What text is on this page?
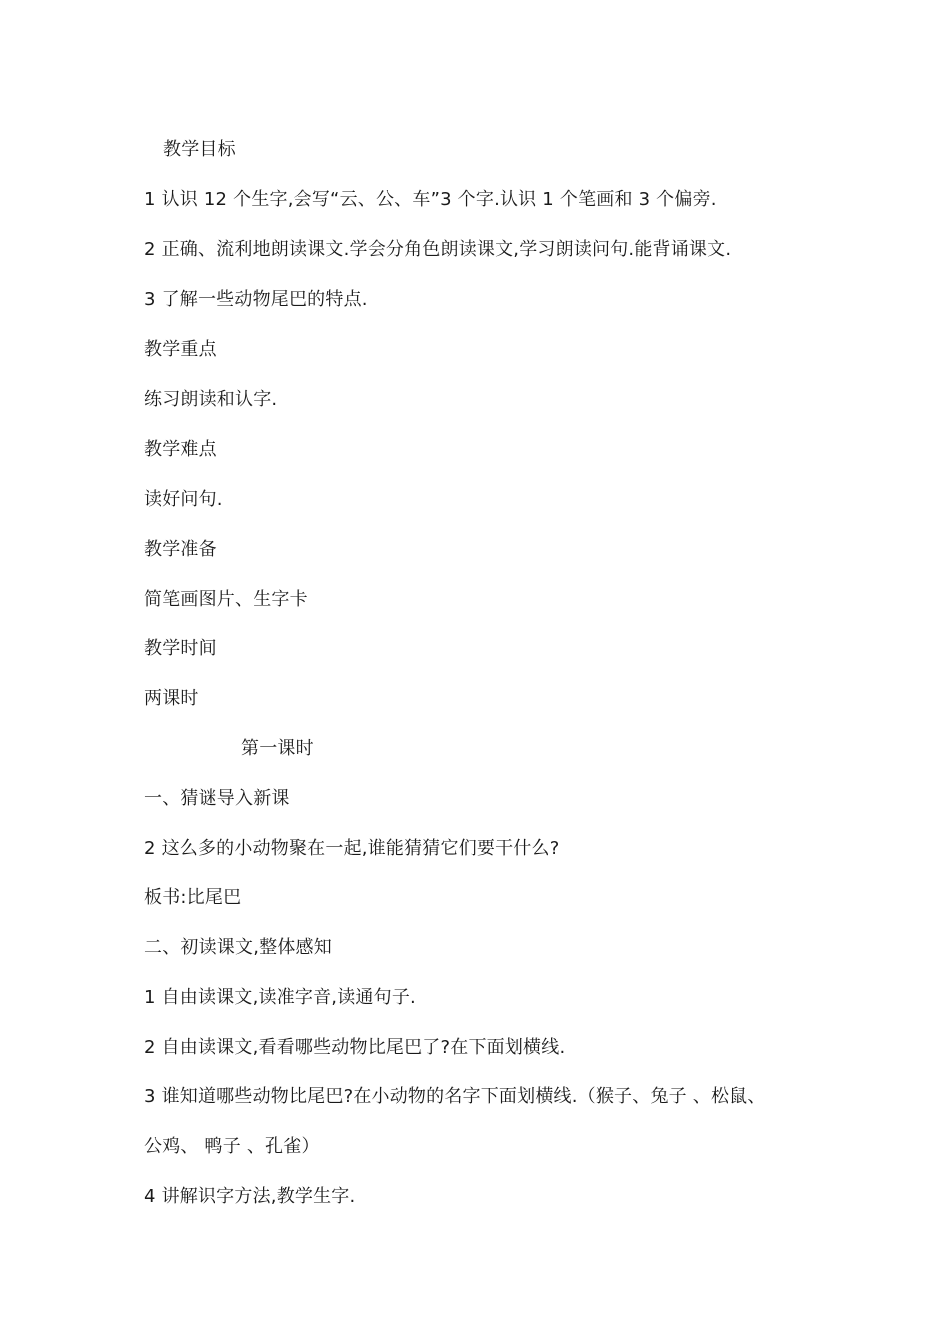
教学目标
1 认识 12 个生字,会写“云、公、车”3 个字.认识 1 个笔画和 3 个偏旁.
2 正确、流利地朗读课文.学会分角色朗读课文,学习朗读问句.能背诵课文.
3 了解一些动物尾巴的特点.
教学重点
练习朗读和认字.
教学难点
读好问句.
教学准备
简笔画图片、生字卡
教学时间
两课时
第一课时
一、猜谜导入新课
2 这么多的小动物聚在一起,谁能猜猜它们要干什么?
板书:比尾巴
二、初读课文,整体感知
1 自由读课文,读准字音,读通句子.
2 自由读课文,看看哪些动物比尾巴了?在下面划横线.
3 谁知道哪些动物比尾巴?在小动物的名字下面划横线.（猴子、兔子 、松鼠、
公鸡、 鸭子 、孔雀）
4 讲解识字方法,教学生字.
